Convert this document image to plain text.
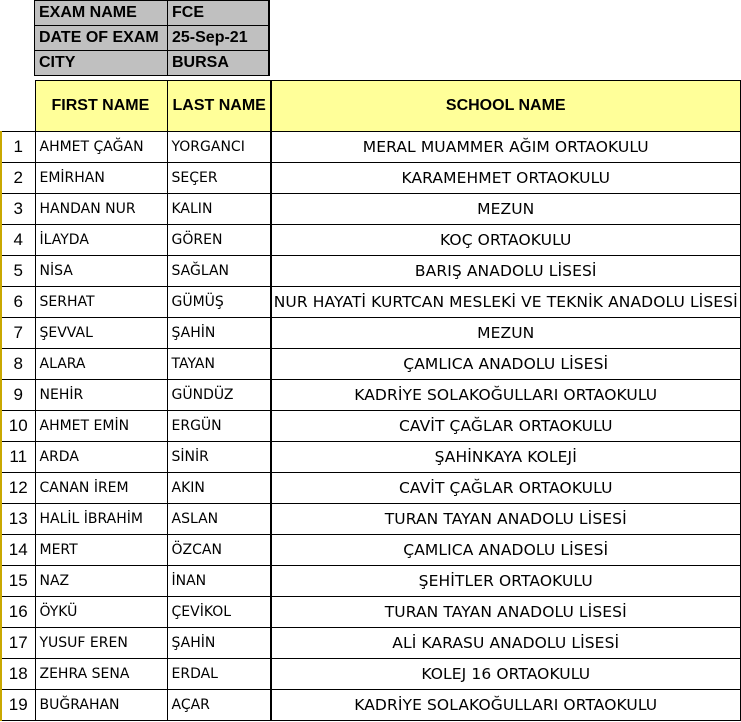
EXAM NAME	FCE
DATE OF EXAM	25-Sep-21
CITY	BURSA
	FIRST NAME	LAST NAME	SCHOOL NAME
1	AHMET ÇAĞAN	YORGANCI	MERAL MUAMMER AĞIM ORTAOKULU
2	EMİRHAN	SEÇER	KARAMEHMET ORTAOKULU
3	HANDAN NUR	KALIN	MEZUN
4	İLAYDA	GÖREN	KOÇ ORTAOKULU
5	NİSA	SAĞLAN	BARIŞ ANADOLU LİSESİ
6	SERHAT	GÜMÜŞ	NUR HAYATİ KURTCAN MESLEKİ VE TEKNİK ANADOLU LİSESİ
7	ŞEVVAL	ŞAHİN	MEZUN
8	ALARA	TAYAN	ÇAMLICA ANADOLU LİSESİ
9	NEHİR	GÜNDÜZ	KADRİYE SOLAKOĞULLARI ORTAOKULU
10	AHMET EMİN	ERGÜN	CAVİT ÇAĞLAR ORTAOKULU
11	ARDA	SİNİR	ŞAHİNKAYA KOLEJİ
12	CANAN İREM	AKIN	CAVİT ÇAĞLAR ORTAOKULU
13	HALİL İBRAHİM	ASLAN	TURAN TAYAN ANADOLU LİSESİ
14	MERT	ÖZCAN	ÇAMLICA ANADOLU LİSESİ
15	NAZ	İNAN	ŞEHİTLER ORTAOKULU
16	ÖYKÜ	ÇEVİKOL	TURAN TAYAN ANADOLU LİSESİ
17	YUSUF EREN	ŞAHİN	ALİ KARASU ANADOLU LİSESİ
18	ZEHRA SENA	ERDAL	KOLEJ 16 ORTAOKULU
19	BUĞRAHAN	AÇAR	KADRİYE SOLAKOĞULLARI ORTAOKULU
